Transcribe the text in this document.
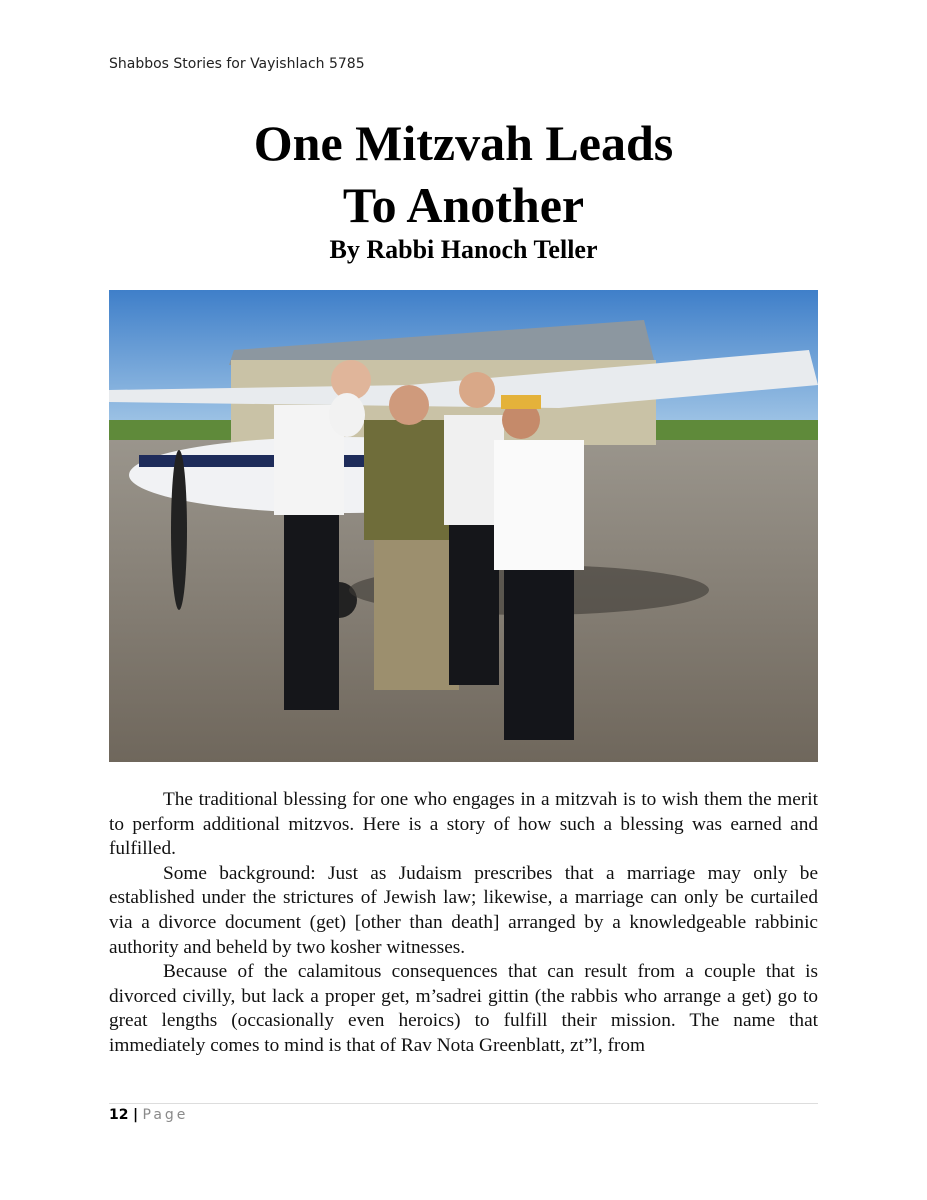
Shabbos Stories for Vayishlach 5785
One Mitzvah Leads
To Another
By Rabbi Hanoch Teller

The traditional blessing for one who engages in a mitzvah is to wish them the merit to perform additional mitzvos. Here is a story of how such a blessing was earned and fulfilled.

Some background: Just as Judaism prescribes that a marriage may only be established under the strictures of Jewish law; likewise, a marriage can only be curtailed via a divorce document (get) [other than death] arranged by a knowledgeable rabbinic authority and beheld by two kosher witnesses.

Because of the calamitous consequences that can result from a couple that is divorced civilly, but lack a proper get, m’sadrei gittin (the rabbis who arrange a get) go to great lengths (occasionally even heroics) to fulfill their mission. The name that immediately comes to mind is that of Rav Nota Greenblatt, zt”l, from

12 | Page
